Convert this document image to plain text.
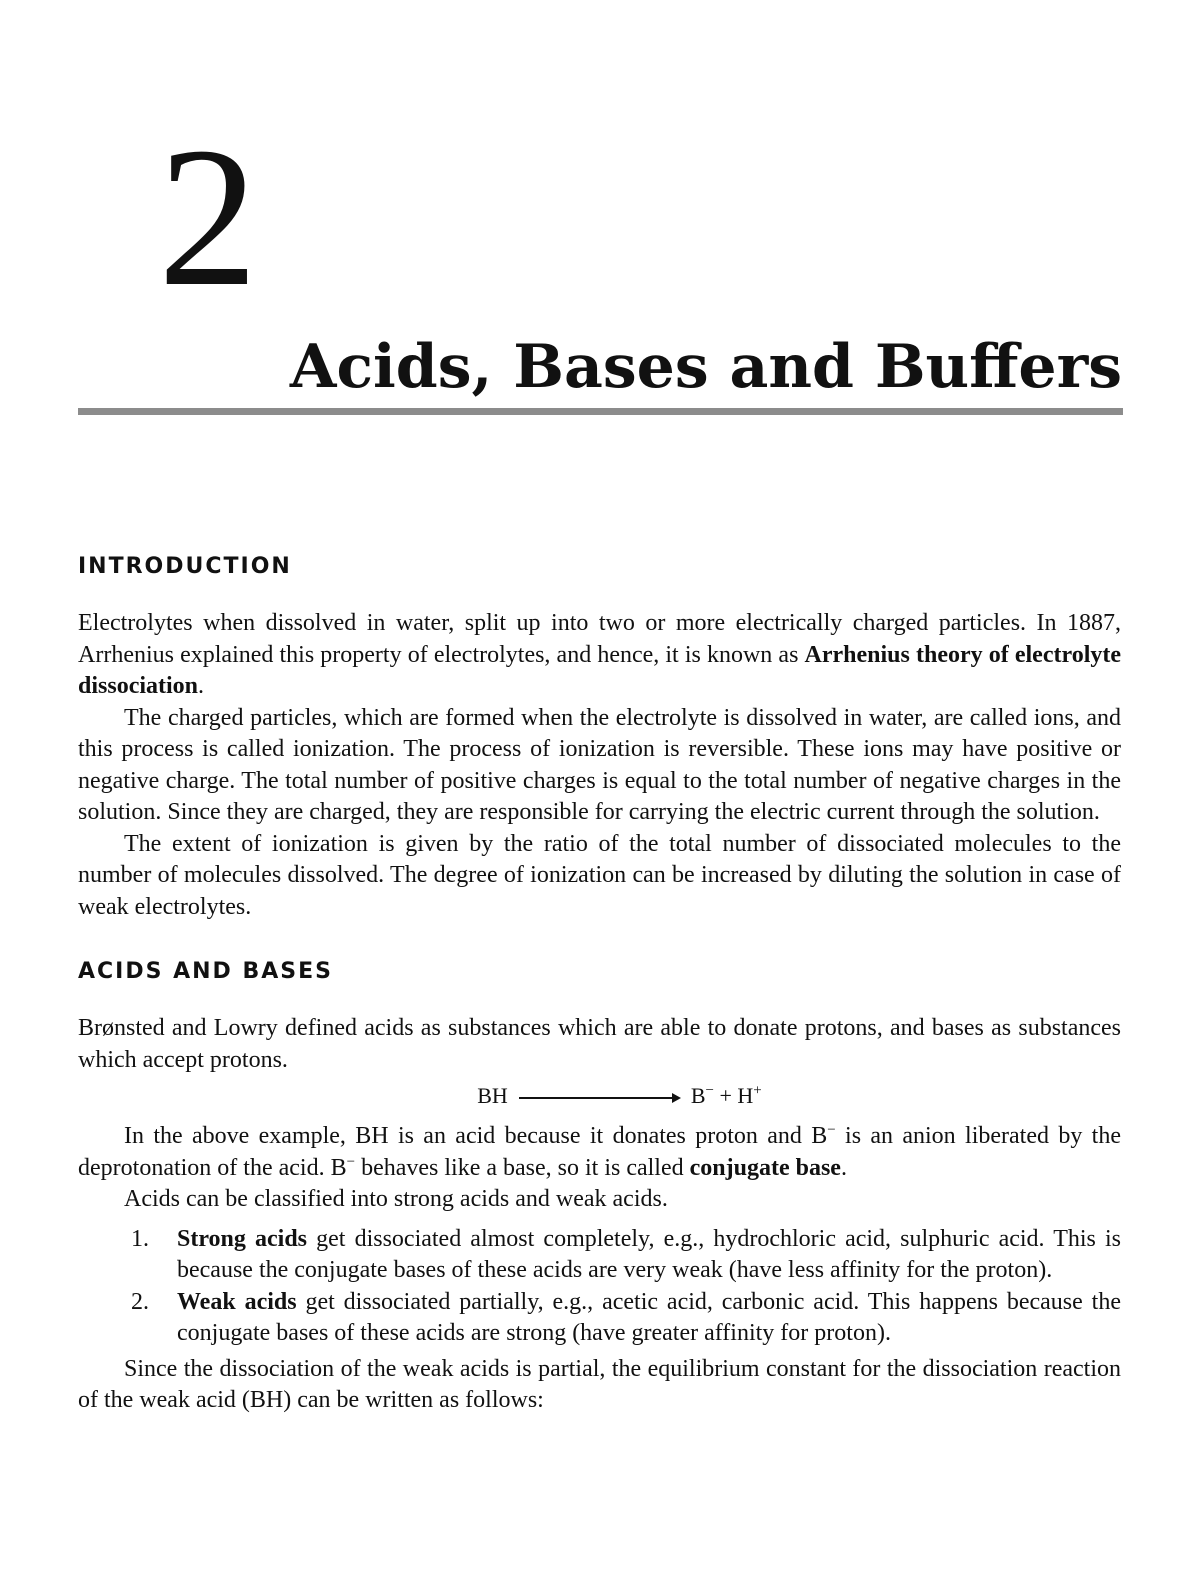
2
Acids, Bases and Buffers
INTRODUCTION

Electrolytes when dissolved in water, split up into two or more electrically charged particles. In 1887, Arrhenius explained this property of electrolytes, and hence, it is known as Arrhenius theory of electrolyte dissociation.

The charged particles, which are formed when the electrolyte is dissolved in water, are called ions, and this process is called ionization. The process of ionization is reversible. These ions may have positive or negative charge. The total number of positive charges is equal to the total number of negative charges in the solution. Since they are charged, they are responsible for carrying the electric current through the solution.

The extent of ionization is given by the ratio of the total number of dissociated molecules to the number of molecules dissolved. The degree of ionization can be increased by diluting the solution in case of weak electrolytes.

ACIDS AND BASES

Brønsted and Lowry defined acids as substances which are able to donate protons, and bases as substances which accept protons.

BH	B− + H+

In the above example, BH is an acid because it donates proton and B− is an anion liberated by the deprotonation of the acid. B− behaves like a base, so it is called conjugate base.

Acids can be classified into strong acids and weak acids.

1. Strong acids get dissociated almost completely, e.g., hydrochloric acid, sulphuric acid. This is because the conjugate bases of these acids are very weak (have less affinity for the proton).
2. Weak acids get dissociated partially, e.g., acetic acid, carbonic acid. This happens because the conjugate bases of these acids are strong (have greater affinity for proton).

Since the dissociation of the weak acids is partial, the equilibrium constant for the dissociation reaction of the weak acid (BH) can be written as follows:
